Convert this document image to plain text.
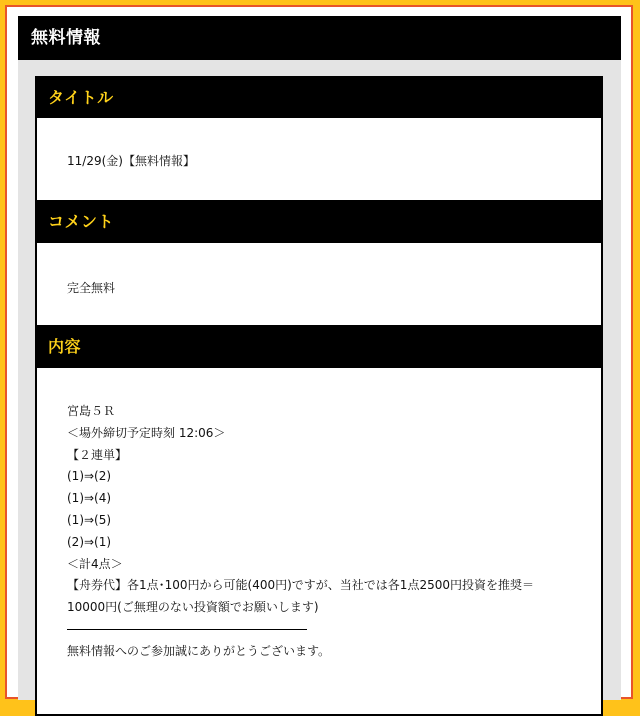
無料情報
タイトル
11/29(金)【無料情報】
コメント
完全無料
内容
宮島５Ｒ
＜場外締切予定時刻 12:06＞
【２連単】
(1)⇒(2)
(1)⇒(4)
(1)⇒(5)
(2)⇒(1)
＜計4点＞
【舟券代】各1点･100円から可能(400円)ですが、当社では各1点2500円投資を推奨＝
10000円(ご無理のない投資額でお願いします)
無料情報へのご参加誠にありがとうございます。
